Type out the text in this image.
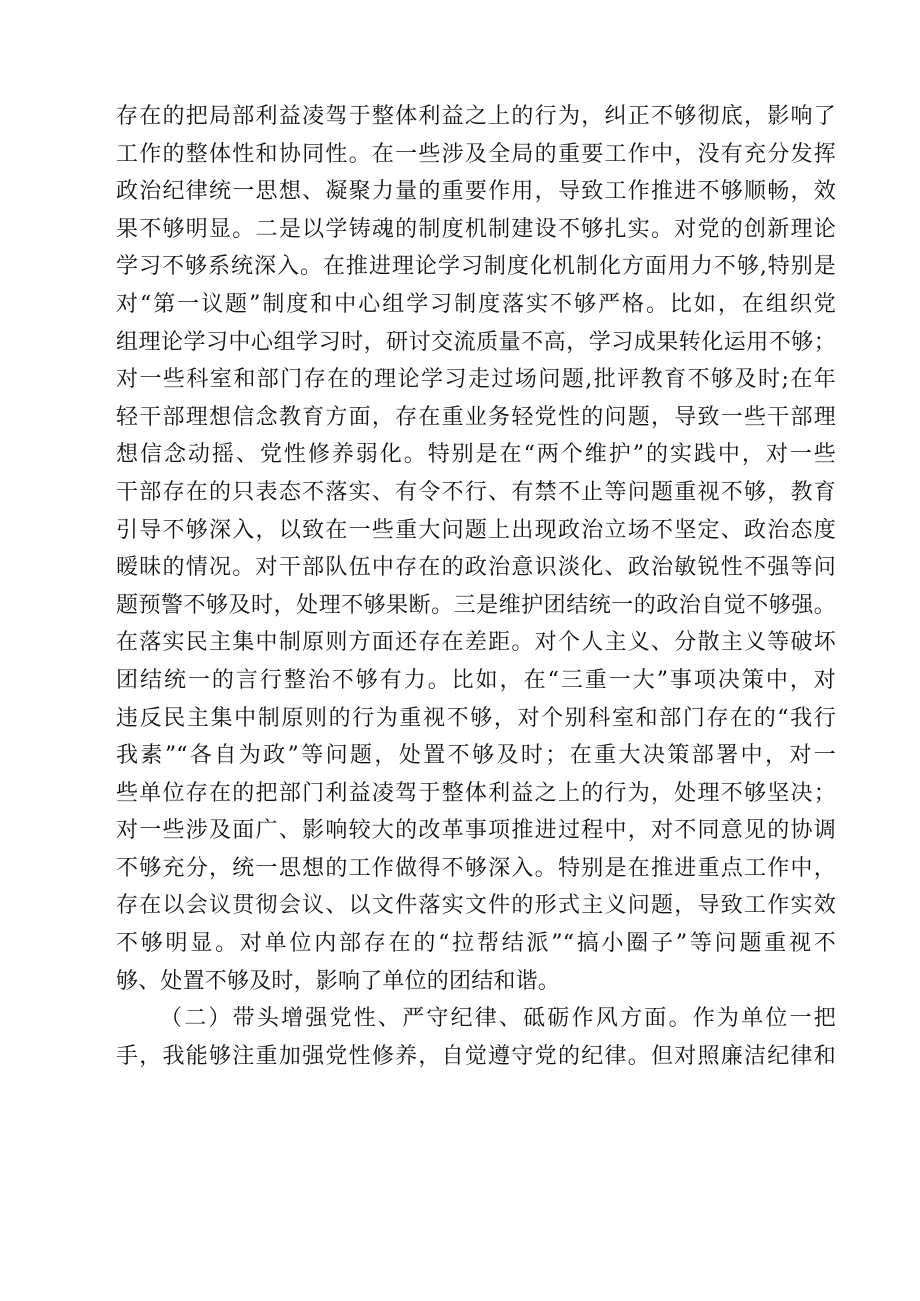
存在的把局部利益凌驾于整体利益之上的行为，纠正不够彻底，影响了
工作的整体性和协同性。在一些涉及全局的重要工作中，没有充分发挥
政治纪律统一思想、凝聚力量的重要作用，导致工作推进不够顺畅，效
果不够明显。二是以学铸魂的制度机制建设不够扎实。对党的创新理论
学习不够系统深入。在推进理论学习制度化机制化方面用力不够,特别是
对“第一议题”制度和中心组学习制度落实不够严格。比如，在组织党
组理论学习中心组学习时，研讨交流质量不高，学习成果转化运用不够；
对一些科室和部门存在的理论学习走过场问题,批评教育不够及时;在年
轻干部理想信念教育方面，存在重业务轻党性的问题，导致一些干部理
想信念动摇、党性修养弱化。特别是在“两个维护”的实践中，对一些
干部存在的只表态不落实、有令不行、有禁不止等问题重视不够，教育
引导不够深入，以致在一些重大问题上出现政治立场不坚定、政治态度
暧昧的情况。对干部队伍中存在的政治意识淡化、政治敏锐性不强等问
题预警不够及时，处理不够果断。三是维护团结统一的政治自觉不够强。
在落实民主集中制原则方面还存在差距。对个人主义、分散主义等破坏
团结统一的言行整治不够有力。比如，在“三重一大”事项决策中，对
违反民主集中制原则的行为重视不够，对个别科室和部门存在的“我行
我素”“各自为政”等问题，处置不够及时；在重大决策部署中，对一
些单位存在的把部门利益凌驾于整体利益之上的行为，处理不够坚决；
对一些涉及面广、影响较大的改革事项推进过程中，对不同意见的协调
不够充分，统一思想的工作做得不够深入。特别是在推进重点工作中，
存在以会议贯彻会议、以文件落实文件的形式主义问题，导致工作实效
不够明显。对单位内部存在的“拉帮结派”“搞小圈子”等问题重视不
够、处置不够及时，影响了单位的团结和谐。
（二）带头增强党性、严守纪律、砥砺作风方面。作为单位一把
手，我能够注重加强党性修养，自觉遵守党的纪律。但对照廉洁纪律和
